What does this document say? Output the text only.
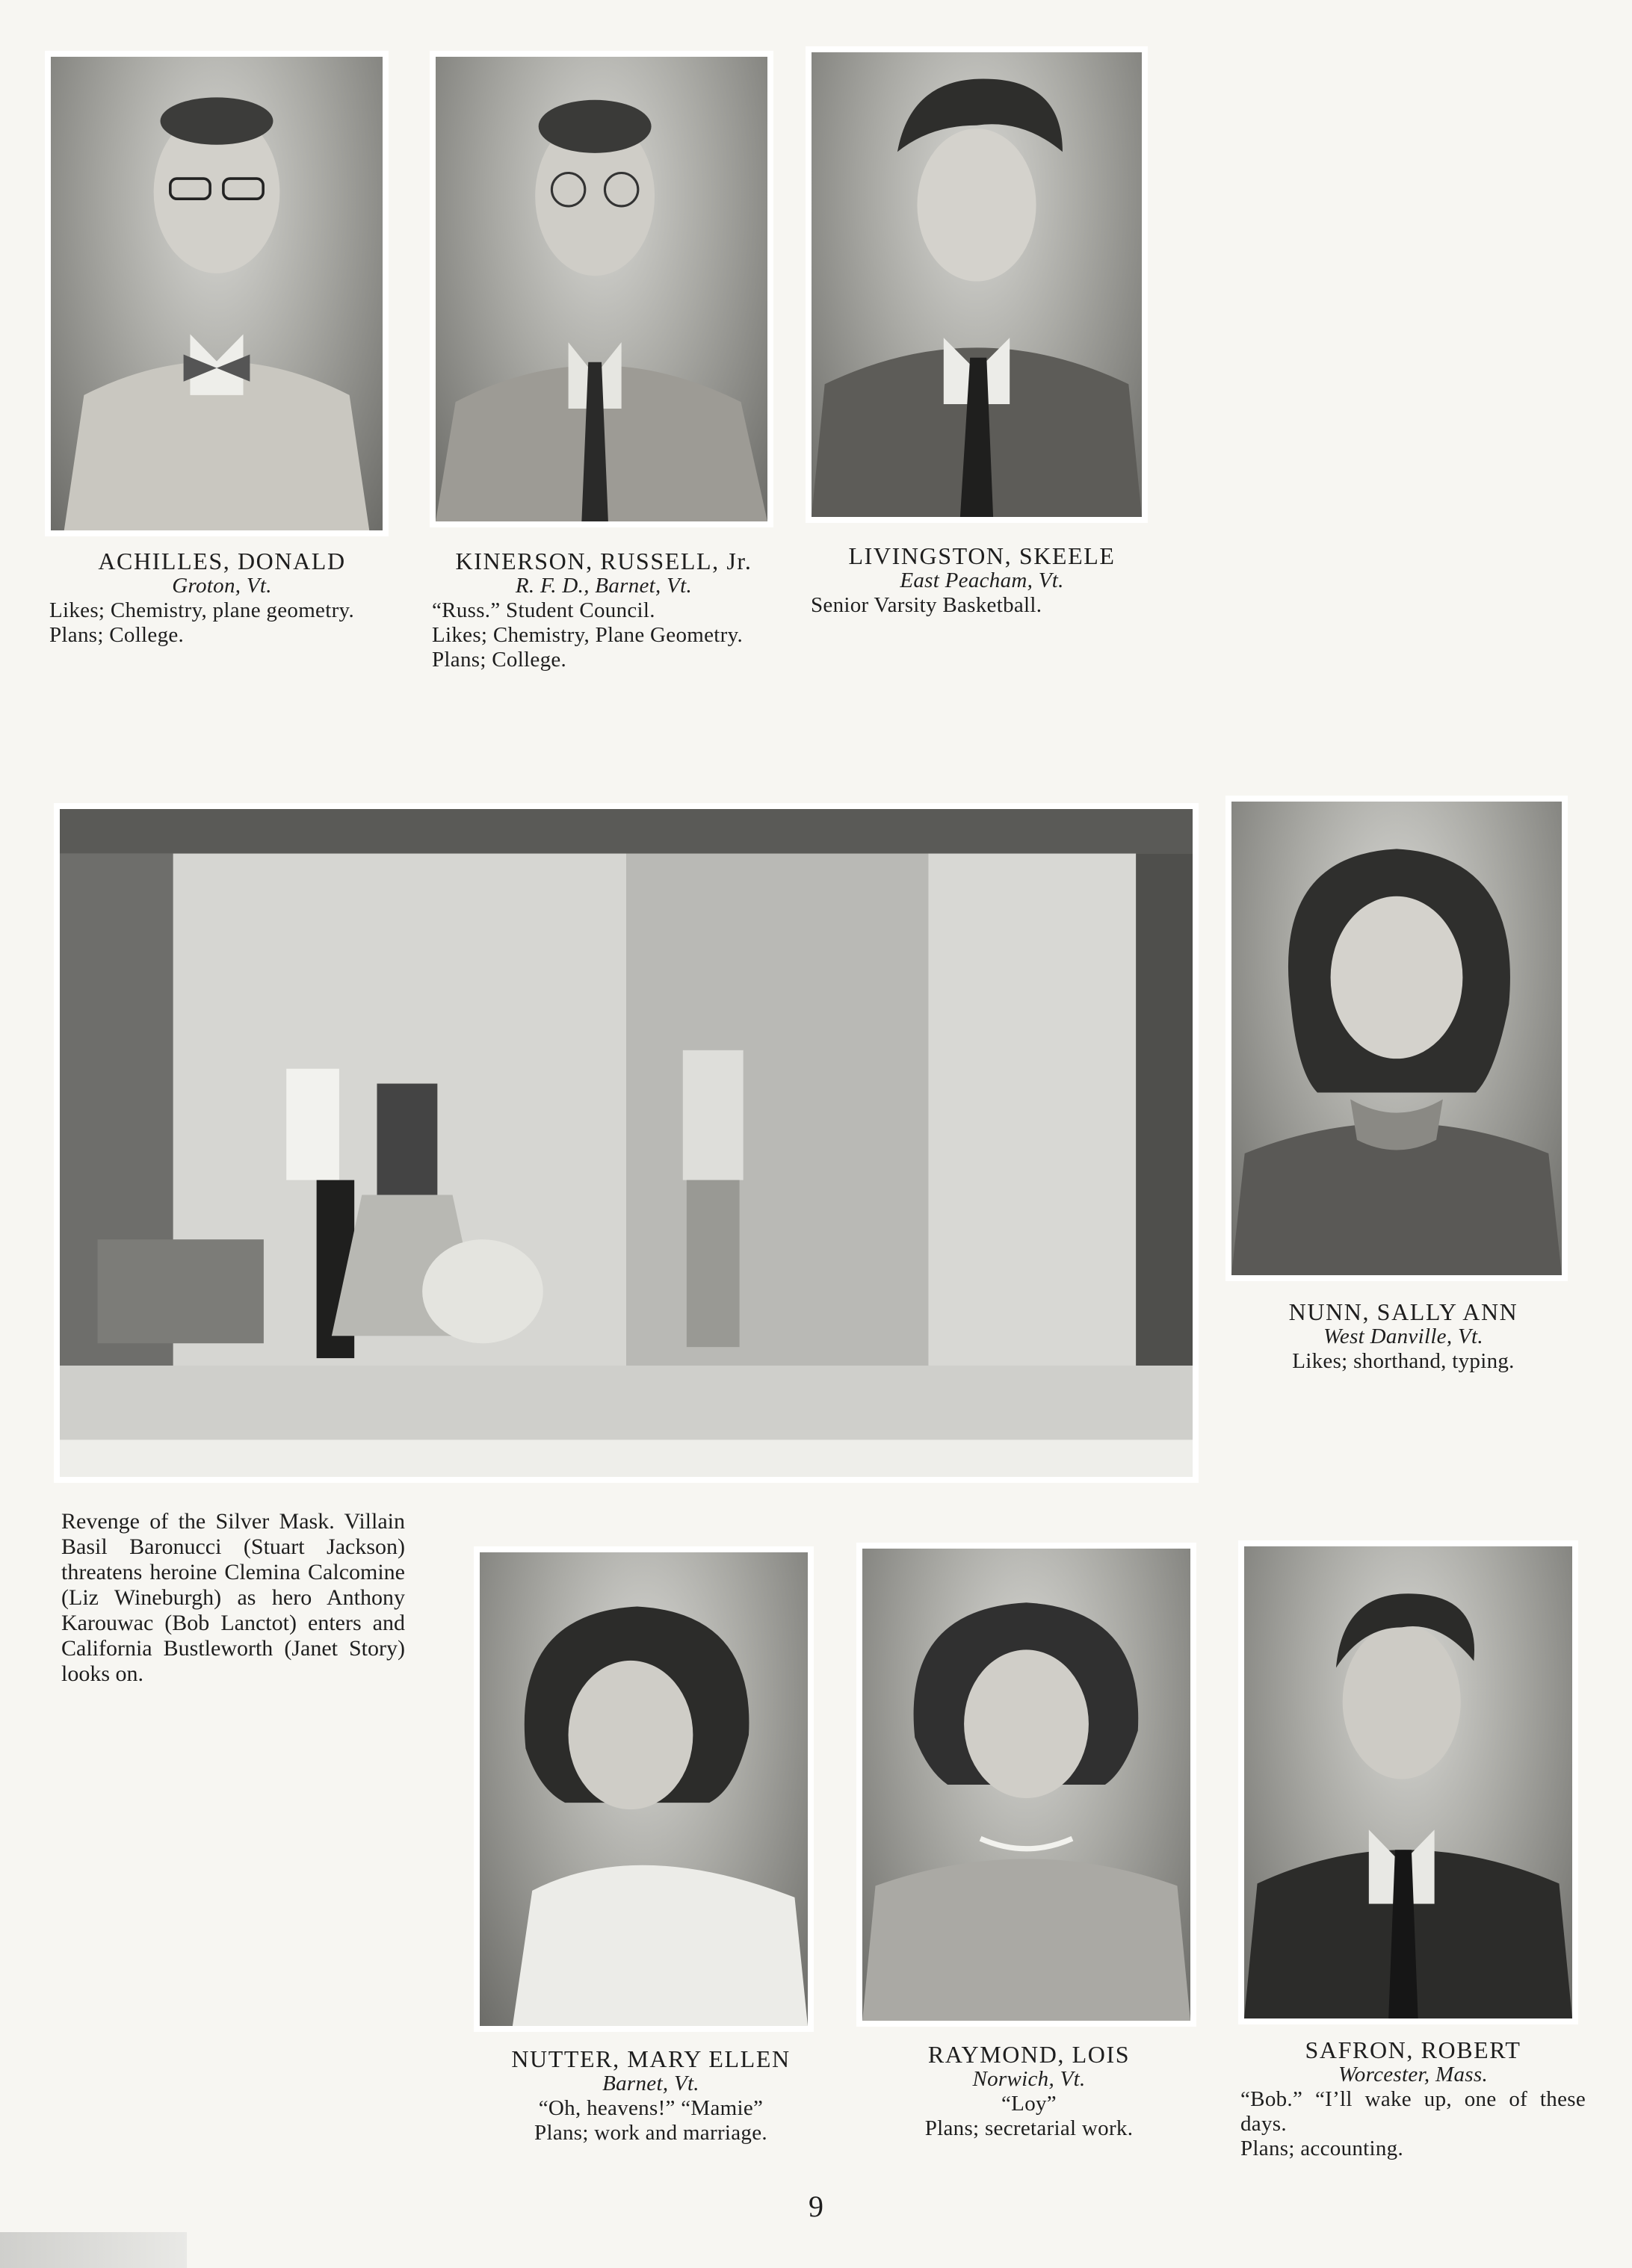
ACHILLES, DONALD
Groton, Vt.
Likes; Chemistry, plane geometry.
Plans; College.
KINERSON, RUSSELL, Jr.
R. F. D., Barnet, Vt.
“Russ.” Student Council.
Likes; Chemistry, Plane Geometry.
Plans; College.
LIVINGSTON, SKEELE
East Peacham, Vt.
Senior Varsity Basketball.
Revenge of the Silver Mask. Villain Basil Baronucci (Stuart Jackson) threatens heroine Clemina Calcomine (Liz Wineburgh) as hero Anthony Karouwac (Bob Lanctot) enters and California Bustleworth (Janet Story) looks on.
NUNN, SALLY ANN
West Danville, Vt.
Likes; shorthand, typing.
NUTTER, MARY ELLEN
Barnet, Vt.
“Oh, heavens!” “Mamie”
Plans; work and marriage.
RAYMOND, LOIS
Norwich, Vt.
“Loy”
Plans; secretarial work.
SAFRON, ROBERT
Worcester, Mass.
“Bob.” “I’ll wake up, one of these days.
Plans; accounting.
9
